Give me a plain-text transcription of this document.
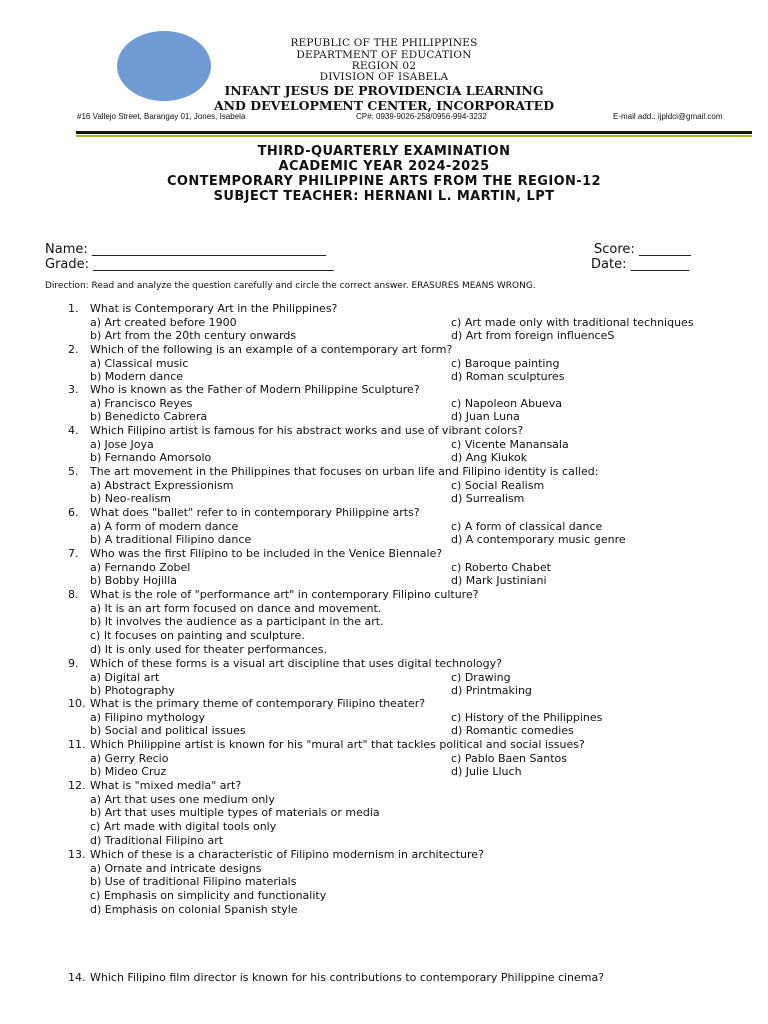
REPUBLIC OF THE PHILIPPINES
DEPARTMENT OF EDUCATION
REGION 02
DIVISION OF ISABELA
INFANT JESUS DE PROVIDENCIA LEARNING
AND DEVELOPMENT CENTER, INCORPORATED
#16 Vallejo Street, Barangay 01, Jones, Isabela	CP#: 0939-9026-258/0956-994-3232	E-mail add.: ijpldci@gmail.com
THIRD-QUARTERLY EXAMINATION
ACADEMIC YEAR 2024-2025
CONTEMPORARY PHILIPPINE ARTS FROM THE REGION-12
SUBJECT TEACHER: HERNANI L. MARTIN, LPT
Name: ____________________________________
Grade: _____________________________________
Score: ________
Date: _________
Direction: Read and analyze the question carefully and circle the correct answer. ERASURES MEANS WRONG.
1. What is Contemporary Art in the Philippines?
a) Art created before 1900
b) Art from the 20th century onwards
c) Art made only with traditional techniques
d) Art from foreign influenceS
2. Which of the following is an example of a contemporary art form?
a) Classical music
b) Modern dance
c) Baroque painting
d) Roman sculptures
3. Who is known as the Father of Modern Philippine Sculpture?
a) Francisco Reyes
b) Benedicto Cabrera
c) Napoleon Abueva
d) Juan Luna
4. Which Filipino artist is famous for his abstract works and use of vibrant colors?
a) Jose Joya
b) Fernando Amorsolo
c) Vicente Manansala
d) Ang Kiukok
5. The art movement in the Philippines that focuses on urban life and Filipino identity is called:
a) Abstract Expressionism
b) Neo-realism
c) Social Realism
d) Surrealism
6. What does "ballet" refer to in contemporary Philippine arts?
a) A form of modern dance
b) A traditional Filipino dance
c) A form of classical dance
d) A contemporary music genre
7. Who was the first Filipino to be included in the Venice Biennale?
a) Fernando Zobel
b) Bobby Hojilla
c) Roberto Chabet
d) Mark Justiniani
8. What is the role of "performance art" in contemporary Filipino culture?
a) It is an art form focused on dance and movement.
b) It involves the audience as a participant in the art.
c) It focuses on painting and sculpture.
d) It is only used for theater performances.
9. Which of these forms is a visual art discipline that uses digital technology?
a) Digital art
b) Photography
c) Drawing
d) Printmaking
10. What is the primary theme of contemporary Filipino theater?
a) Filipino mythology
b) Social and political issues
c) History of the Philippines
d) Romantic comedies
11. Which Philippine artist is known for his "mural art" that tackles political and social issues?
a) Gerry Recio
b) Mideo Cruz
c) Pablo Baen Santos
d) Julie Lluch
12. What is "mixed media" art?
a) Art that uses one medium only
b) Art that uses multiple types of materials or media
c) Art made with digital tools only
d) Traditional Filipino art
13. Which of these is a characteristic of Filipino modernism in architecture?
a) Ornate and intricate designs
b) Use of traditional Filipino materials
c) Emphasis on simplicity and functionality
d) Emphasis on colonial Spanish style
14. Which Filipino film director is known for his contributions to contemporary Philippine cinema?
